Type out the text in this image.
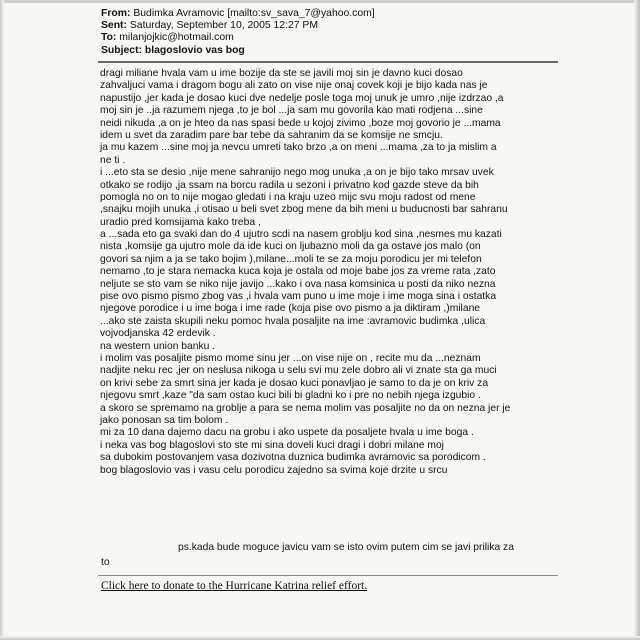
From: Budimka Avramovic [mailto:sv_sava_7@yahoo.com]
Sent: Saturday, September 10, 2005 12:27 PM
To: milanjojkic@hotmail.com
Subject: blagoslovio vas bog
dragi miliane hvala vam u ime bozije da ste se javili moj sin je davno kuci dosao
zahvaljuci vama i dragom bogu ali zato on vise nije onaj covek koji je bijo kada nas je
napustijo ,jer kada je dosao kuci dve nedelje posle toga moj unuk je umro ,nije izdrzao ,a
moj sin je ..ja razumem njega ,to je bol ...ja sam mu govorila kao mati rodjena ...sine
neidi nikuda ,a on je hteo da nas spasi bede u kojoj zivimo ,boze moj govorio je ...mama
idem u svet da zaradim pare bar tebe da sahranim da se komsije ne smcju.
ja mu kazem ...sine moj ja nevcu umreti tako brzo ,a on meni ...mama ,za to ja mislim a
ne ti .
i ...eto sta se desio ,nije mene sahranijo nego mog unuka ,a on je bijo tako mrsav uvek
otkako se rodijo ,ja ssam na borcu radila u sezoni i privatno kod gazde steve da bih
pomogla no on to nije mogao gledati i na kraju uzeo mijc svu moju radost od mene
,snajku mojih unuka ,i otisao u beli svet zbog mene da bih meni u buducnosti bar sahranu
uradio pred komsijama kako treba ,
a ...sada eto ga svaki dan do 4 ujutro scdi na nasem groblju kod sina ,nesmes mu kazati
nista ,komsije ga ujutro mole da ide kuci on ljubazno moli da ga ostave jos malo (on
govori sa njim a ja se tako bojim ),milane...moli te se za moju porodicu jer mi telefon
nemamo ,to je stara nemacka kuca koja je ostala od moje babe jos za vreme rata ,zato
neljute se sto vam se niko nije javijo ...kako i ova nasa komsinica u posti da niko nezna
pise ovo pismo pismo zbog vas ,i hvala vam puno u ime moje i ime moga sina i ostatka
njegove porodice i u ime boga i ime rade (koja pise ovo pismo a ja diktiram ,)milane
...ako ste zaista skupili neku pomoc hvala posaljite na ime :avramovic budimka ,ulica
vojvodjanska 42 erdevik .
na western union banku .
i molim vas posaljite pismo mome sinu jer ...on vise nije on , recite mu da ...neznam
nadjite neku rec ,jer on neslusa nikoga u selu svi mu zele dobro ali vi znate sta ga muci
on krivi sebe za smrt sina jer kada je dosao kuci ponavljao je samo to da je on kriv za
njegovu smrt ,kaze "da sam ostao kuci bili bi gladni ko i pre no nebih njega izgubio .
a skoro se spremamo na groblje a para se nema molim vas posaljite no da on nezna jer je
jako ponosan sa tim bolom .
mi za 10 dana dajemo dacu na grobu i ako uspete da posaljete hvala u ime boga .
i neka vas bog blagoslovi sto ste mi sina doveli kuci dragi i dobri milane moj
sa dubokim postovanjem vasa dozivotna duznica budimka avramovic sa porodicom .
bog blagoslovio vas i vasu celu porodicu zajedno sa svima koje drzite u srcu
ps.kada bude moguce javicu vam se isto ovim putem cim se javi prilika za
to
Click here to donate to the Hurricane Katrina relief effort.
